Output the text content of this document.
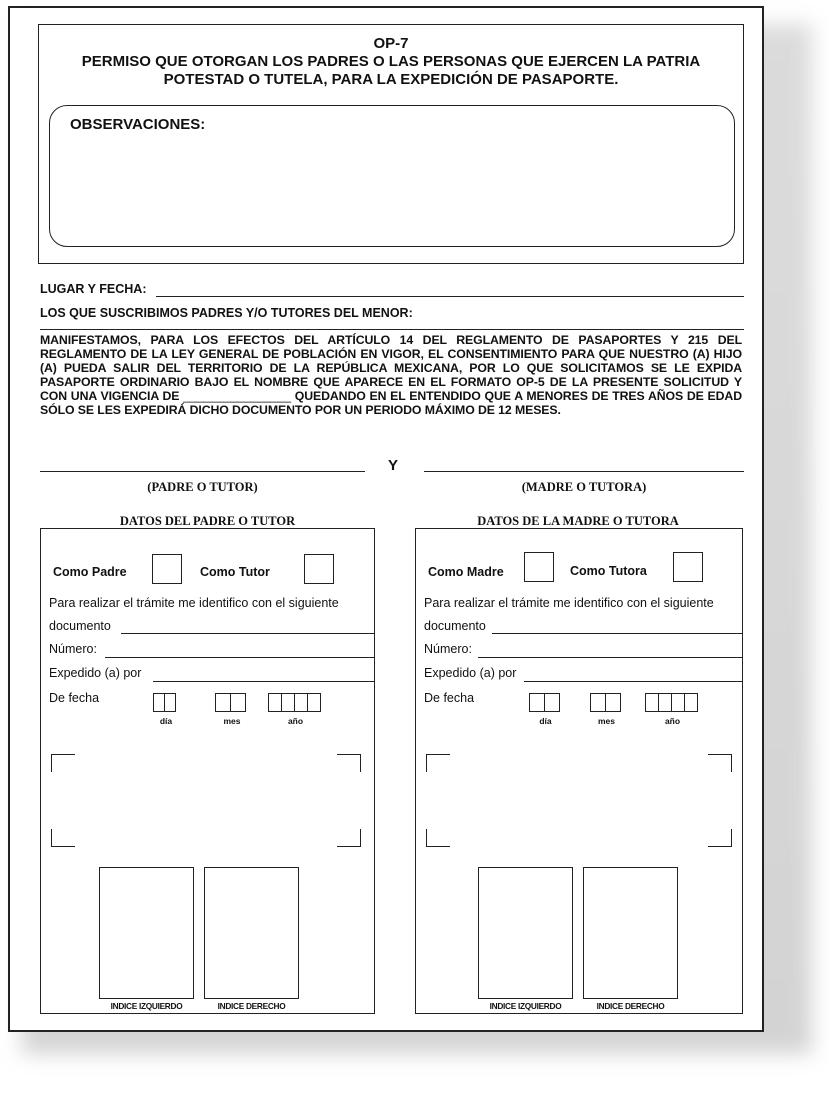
OP-7
PERMISO QUE OTORGAN LOS PADRES O LAS PERSONAS QUE EJERCEN LA PATRIA
POTESTAD O TUTELA, PARA LA EXPEDICIÓN DE PASAPORTE.
OBSERVACIONES:
LUGAR Y FECHA:
LOS QUE SUSCRIBIMOS PADRES Y/O TUTORES DEL MENOR:
MANIFESTAMOS, PARA LOS EFECTOS DEL ARTÍCULO 14 DEL REGLAMENTO DE PASAPORTES Y 215 DEL REGLAMENTO DE LA LEY GENERAL DE POBLACIÓN EN VIGOR, EL CONSENTIMIENTO PARA QUE NUESTRO (A) HIJO (A) PUEDA SALIR DEL TERRITORIO DE LA REPÚBLICA MEXICANA, POR LO QUE SOLICITAMOS SE LE EXPIDA PASAPORTE ORDINARIO BAJO EL NOMBRE QUE APARECE EN EL FORMATO OP-5 DE LA PRESENTE SOLICITUD Y CON UNA VIGENCIA DE ________________ QUEDANDO EN EL ENTENDIDO QUE A MENORES DE TRES AÑOS DE EDAD SÓLO SE LES EXPEDIRÁ DICHO DOCUMENTO POR UN PERIODO MÁXIMO DE 12 MESES.
Y
(PADRE O TUTOR)	(MADRE O TUTORA)
DATOS DEL PADRE O TUTOR	DATOS DE LA MADRE O TUTORA
Como Padre	Como Tutor
Para realizar el trámite me identifico con el siguiente
documento
Número:
Expedido (a) por
De fecha
día	mes	año
INDICE IZQUIERDO	INDICE DERECHO
Como Madre	Como Tutora
Para realizar el trámite me identifico con el siguiente
documento
Número:
Expedido (a) por
De fecha
día	mes	año
INDICE IZQUIERDO	INDICE DERECHO
